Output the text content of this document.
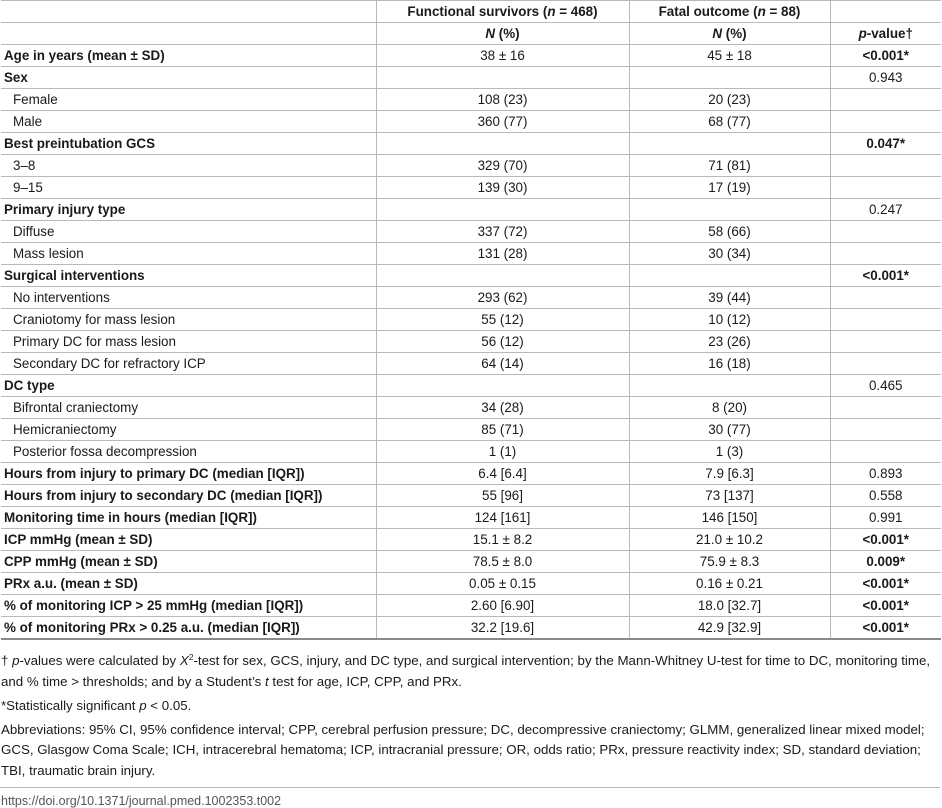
	Functional survivors (n = 468)	Fatal outcome (n = 88)	
	N (%)	N (%)	p-value†
Age in years (mean ± SD)	38 ± 16	45 ± 18	<0.001*
Sex			0.943
Female	108 (23)	20 (23)	
Male	360 (77)	68 (77)	
Best preintubation GCS			0.047*
3–8	329 (70)	71 (81)	
9–15	139 (30)	17 (19)	
Primary injury type			0.247
Diffuse	337 (72)	58 (66)	
Mass lesion	131 (28)	30 (34)	
Surgical interventions			<0.001*
No interventions	293 (62)	39 (44)	
Craniotomy for mass lesion	55 (12)	10 (12)	
Primary DC for mass lesion	56 (12)	23 (26)	
Secondary DC for refractory ICP	64 (14)	16 (18)	
DC type			0.465
Bifrontal craniectomy	34 (28)	8 (20)	
Hemicraniectomy	85 (71)	30 (77)	
Posterior fossa decompression	1 (1)	1 (3)	
Hours from injury to primary DC (median [IQR])	6.4 [6.4]	7.9 [6.3]	0.893
Hours from injury to secondary DC (median [IQR])	55 [96]	73 [137]	0.558
Monitoring time in hours (median [IQR])	124 [161]	146 [150]	0.991
ICP mmHg (mean ± SD)	15.1 ± 8.2	21.0 ± 10.2	<0.001*
CPP mmHg (mean ± SD)	78.5 ± 8.0	75.9 ± 8.3	0.009*
PRx a.u. (mean ± SD)	0.05 ± 0.15	0.16 ± 0.21	<0.001*
% of monitoring ICP > 25 mmHg (median [IQR])	2.60 [6.90]	18.0 [32.7]	<0.001*
% of monitoring PRx > 0.25 a.u. (median [IQR])	32.2 [19.6]	42.9 [32.9]	<0.001*

† p-values were calculated by $X^2$-test for sex, GCS, injury, and DC type, and surgical intervention; by the Mann-Whitney U-test for time to DC, monitoring time, and % time > thresholds; and by a Student’s t test for age, ICP, CPP, and PRx.

*Statistically significant p < 0.05.

Abbreviations: 95% CI, 95% confidence interval; CPP, cerebral perfusion pressure; DC, decompressive craniectomy; GLMM, generalized linear mixed model; GCS, Glasgow Coma Scale; ICH, intracerebral hematoma; ICP, intracranial pressure; OR, odds ratio; PRx, pressure reactivity index; SD, standard deviation; TBI, traumatic brain injury.

https://doi.org/10.1371/journal.pmed.1002353.t002
